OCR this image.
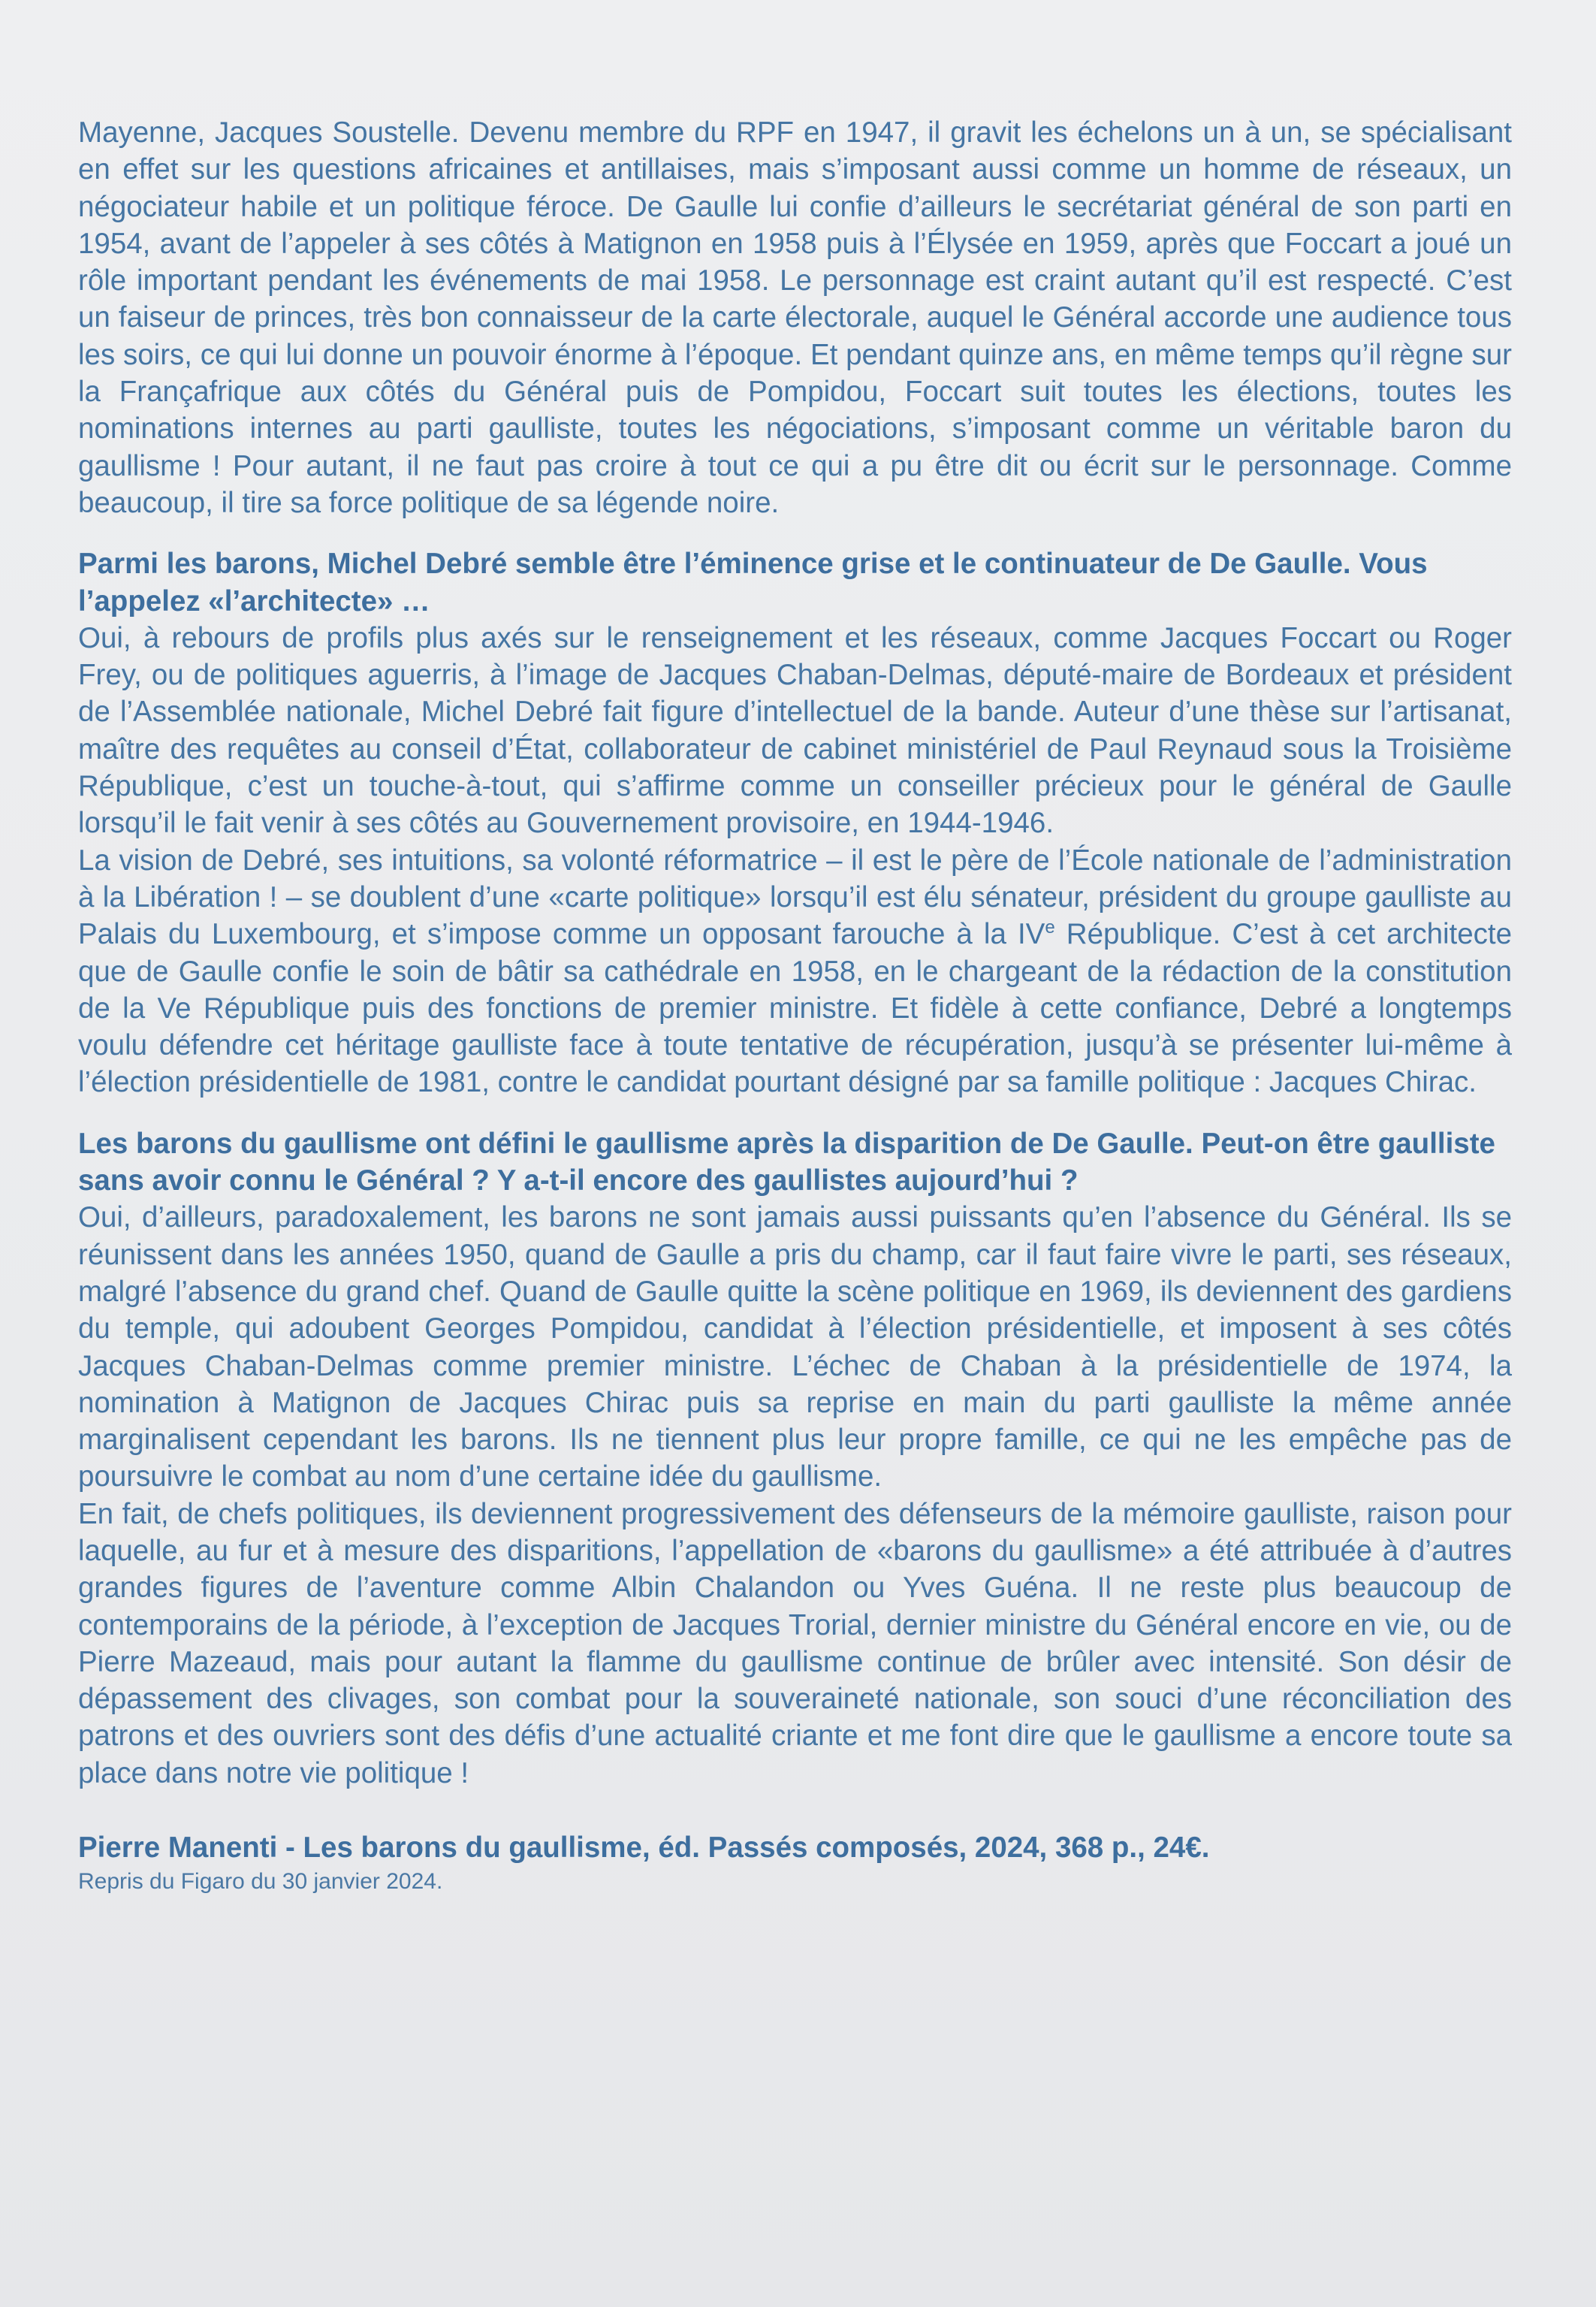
Mayenne, Jacques Soustelle. Devenu membre du RPF en 1947, il gravit les échelons un à un, se spécialisant en effet sur les questions africaines et antillaises, mais s’imposant aussi comme un homme de réseaux, un négociateur habile et un politique féroce. De Gaulle lui confie d’ailleurs le secrétariat général de son parti en 1954, avant de l’appeler à ses côtés à Matignon en 1958 puis à l’Élysée en 1959, après que Foccart a joué un rôle important pendant les événements de mai 1958. Le personnage est craint autant qu’il est respecté. C’est un faiseur de princes, très bon connaisseur de la carte électorale, auquel le Général accorde une audience tous les soirs, ce qui lui donne un pouvoir énorme à l’époque. Et pendant quinze ans, en même temps qu’il règne sur la Françafrique aux côtés du Général puis de Pompidou, Foccart suit toutes les élections, toutes les nominations internes au parti gaulliste, toutes les négociations, s’imposant comme un véritable baron du gaullisme ! Pour autant, il ne faut pas croire à tout ce qui a pu être dit ou écrit sur le personnage. Comme beaucoup, il tire sa force politique de sa légende noire.

Parmi les barons, Michel Debré semble être l’éminence grise et le continuateur de De Gaulle. Vous l’appelez «l’architecte» …

Oui, à rebours de profils plus axés sur le renseignement et les réseaux, comme Jacques Foccart ou Roger Frey, ou de politiques aguerris, à l’image de Jacques Chaban-Delmas, député-maire de Bordeaux et président de l’Assemblée nationale, Michel Debré fait figure d’intellectuel de la bande. Auteur d’une thèse sur l’artisanat, maître des requêtes au conseil d’État, collaborateur de cabinet ministériel de Paul Reynaud sous la Troisième République, c’est un touche-à-tout, qui s’affirme comme un conseiller précieux pour le général de Gaulle lorsqu’il le fait venir à ses côtés au Gouvernement provisoire, en 1944-1946.

La vision de Debré, ses intuitions, sa volonté réformatrice – il est le père de l’École nationale de l’administration à la Libération ! – se doublent d’une «carte politique» lorsqu’il est élu sénateur, président du groupe gaulliste au Palais du Luxembourg, et s’impose comme un opposant farouche à la IVe République. C’est à cet architecte que de Gaulle confie le soin de bâtir sa cathédrale en 1958, en le chargeant de la rédaction de la constitution de la Ve République puis des fonctions de premier ministre. Et fidèle à cette confiance, Debré a longtemps voulu défendre cet héritage gaulliste face à toute tentative de récupération, jusqu’à se présenter lui-même à l’élection présidentielle de 1981, contre le candidat pourtant désigné par sa famille politique : Jacques Chirac.

Les barons du gaullisme ont défini le gaullisme après la disparition de De Gaulle. Peut-on être gaulliste sans avoir connu le Général ? Y a-t-il encore des gaullistes aujourd’hui ?

Oui, d’ailleurs, paradoxalement, les barons ne sont jamais aussi puissants qu’en l’absence du Général. Ils se réunissent dans les années 1950, quand de Gaulle a pris du champ, car il faut faire vivre le parti, ses réseaux, malgré l’absence du grand chef. Quand de Gaulle quitte la scène politique en 1969, ils deviennent des gardiens du temple, qui adoubent Georges Pompidou, candidat à l’élection présidentielle, et imposent à ses côtés Jacques Chaban-Delmas comme premier ministre. L’échec de Chaban à la présidentielle de 1974, la nomination à Matignon de Jacques Chirac puis sa reprise en main du parti gaulliste la même année marginalisent cependant les barons. Ils ne tiennent plus leur propre famille, ce qui ne les empêche pas de poursuivre le combat au nom d’une certaine idée du gaullisme.

En fait, de chefs politiques, ils deviennent progressivement des défenseurs de la mémoire gaulliste, raison pour laquelle, au fur et à mesure des disparitions, l’appellation de «barons du gaullisme» a été attribuée à d’autres grandes figures de l’aventure comme Albin Chalandon ou Yves Guéna. Il ne reste plus beaucoup de contemporains de la période, à l’exception de Jacques Trorial, dernier ministre du Général encore en vie, ou de Pierre Mazeaud, mais pour autant la flamme du gaullisme continue de brûler avec intensité. Son désir de dépassement des clivages, son combat pour la souveraineté nationale, son souci d’une réconciliation des patrons et des ouvriers sont des défis d’une actualité criante et me font dire que le gaullisme a encore toute sa place dans notre vie politique !

Pierre Manenti - Les barons du gaullisme, éd. Passés composés, 2024, 368 p., 24€.

Repris du Figaro du 30 janvier 2024.
